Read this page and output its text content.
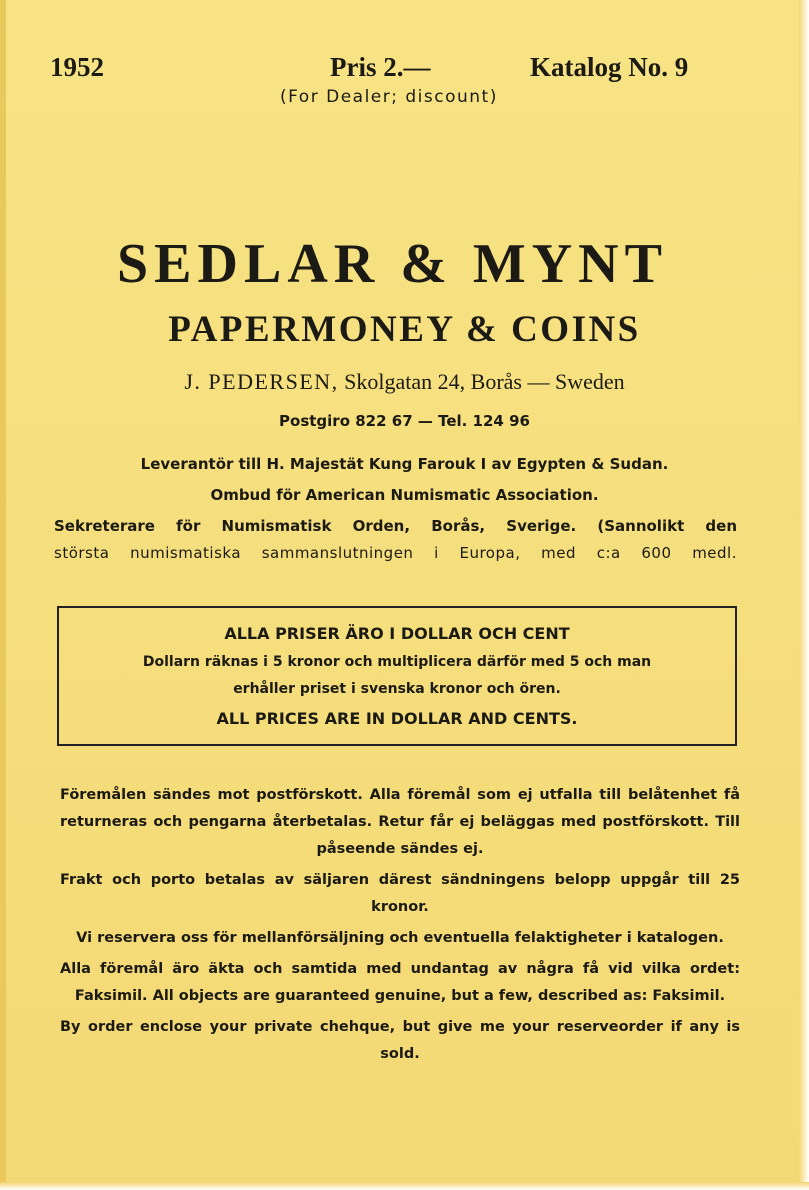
1952	Pris 2.—	Katalog No. 9
(For Dealer; discount)
SEDLAR & MYNT
PAPERMONEY & COINS
J. PEDERSEN, Skolgatan 24, Borås — Sweden
Postgiro 822 67 — Tel. 124 96
Leverantör till H. Majestät Kung Farouk I av Egypten & Sudan.
Ombud för American Numismatic Association.
Sekreterare för Numismatisk Orden, Borås, Sverige. (Sannolikt den
största numismatiska sammanslutningen i Europa, med c:a 600 medl.
ALLA PRISER ÄRO I DOLLAR OCH CENT
Dollarn räknas i 5 kronor och multiplicera därför med 5 och man
erhåller priset i svenska kronor och ören.
ALL PRICES ARE IN DOLLAR AND CENTS.
Föremålen sändes mot postförskott. Alla föremål som ej utfalla till belåtenhet få returneras och pengarna återbetalas. Retur får ej beläggas med postförskott. Till påseende sändes ej.
Frakt och porto betalas av säljaren därest sändningens belopp uppgår till 25 kronor.
Vi reservera oss för mellanförsäljning och eventuella felaktigheter i katalogen.
Alla föremål äro äkta och samtida med undantag av några få vid vilka ordet: Faksimil. All objects are guaranteed genuine, but a few, described as: Faksimil.
By order enclose your private chehque, but give me your reserveorder if any is sold.
